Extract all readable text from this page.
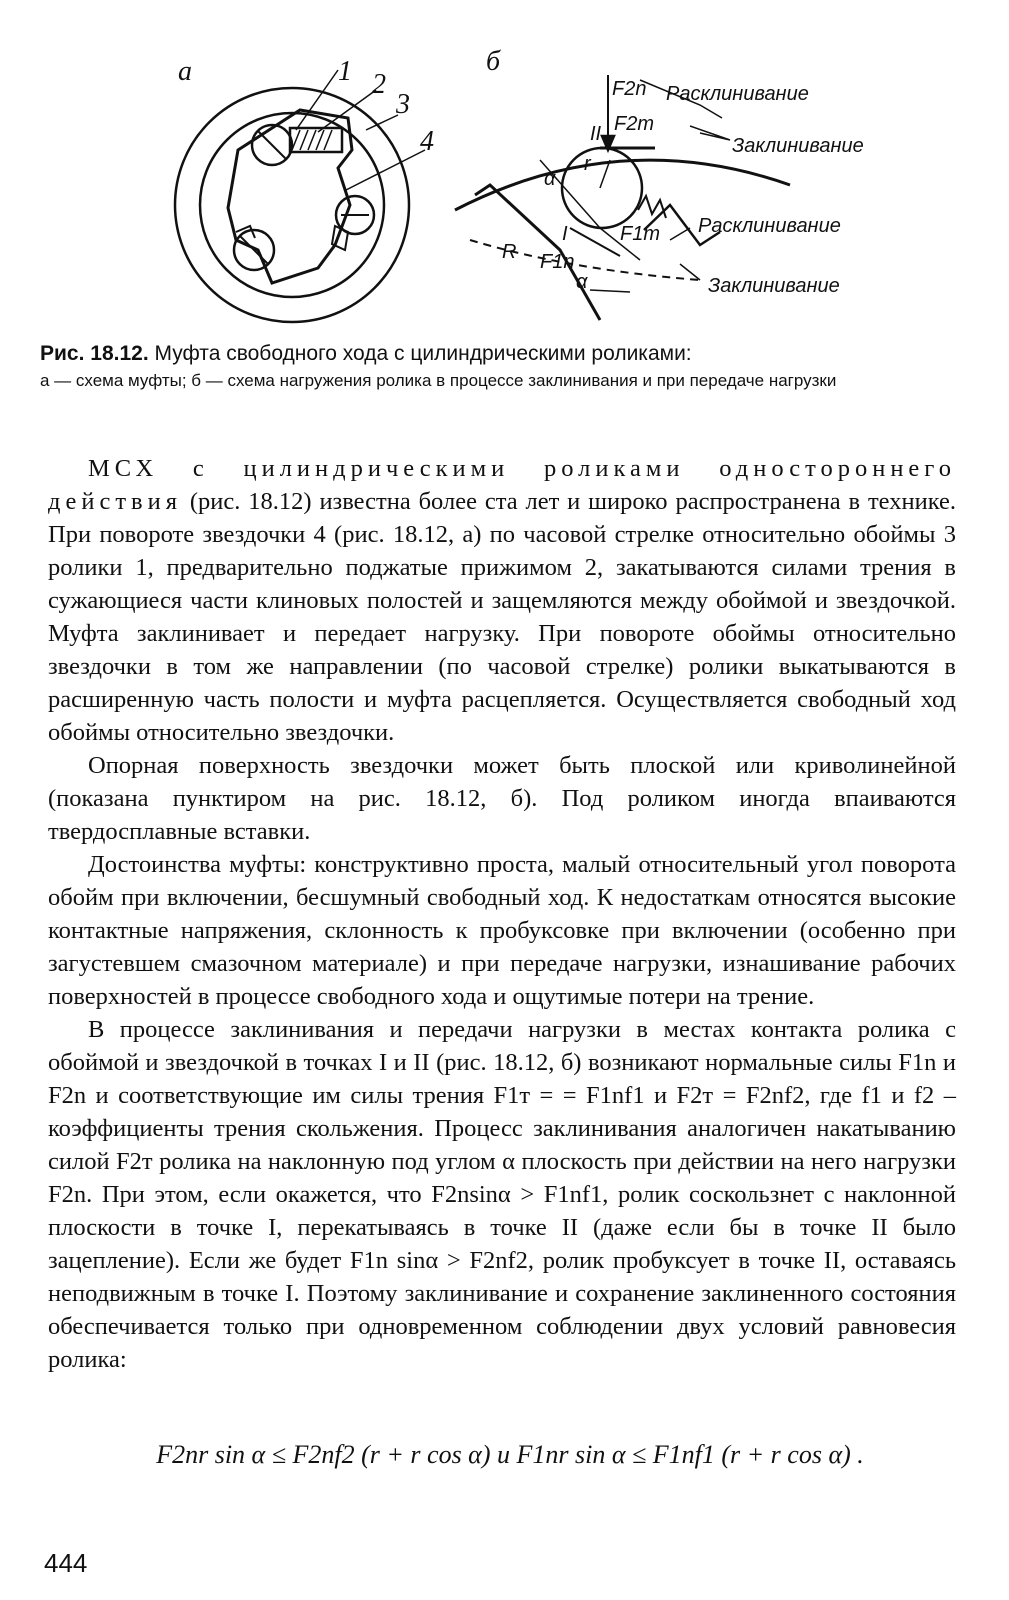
а	1 2
3
4
б
F2n
F2т
II
α
r
F1т
I
R F1n
α
Расклинивание
Заклинивание
Расклинивание
Заклинивание
Рис. 18.12. Муфта свободного хода с цилиндрическими роликами:
а — схема муфты; б — схема нагружения ролика в процессе заклинивания и при передаче нагрузки

МСХ с цилиндрическими роликами одностороннего действия (рис. 18.12) известна более ста лет и широко распространена в технике. При повороте звездочки 4 (рис. 18.12, а) по часовой стрелке относительно обоймы 3 ролики 1, предварительно поджатые прижимом 2, закатываются силами трения в сужающиеся части клиновых полостей и защемляются между обоймой и звездочкой. Муфта заклинивает и передает нагрузку. При повороте обоймы относительно звездочки в том же направлении (по часовой стрелке) ролики выкатываются в расширенную часть полости и муфта расцепляется. Осуществляется свободный ход обоймы относительно звездочки.

Опорная поверхность звездочки может быть плоской или криволинейной (показана пунктиром на рис. 18.12, б). Под роликом иногда впаиваются твердосплавные вставки.

Достоинства муфты: конструктивно проста, малый относительный угол поворота обойм при включении, бесшумный свободный ход. К недостаткам относятся высокие контактные напряжения, склонность к пробуксовке при включении (особенно при загустевшем смазочном материале) и при передаче нагрузки, изнашивание рабочих поверхностей в процессе свободного хода и ощутимые потери на трение.

В процессе заклинивания и передачи нагрузки в местах контакта ролика с обоймой и звездочкой в точках I и II (рис. 18.12, б) возникают нормальные силы F1n и F2n и соответствующие им силы трения F1т = = F1nf1 и F2т = F2nf2, где f1 и f2 – коэффициенты трения скольжения. Процесс заклинивания аналогичен накатыванию силой F2т ролика на наклонную под углом α плоскость при действии на него нагрузки F2n. При этом, если окажется, что F2nsinα > F1nf1, ролик соскользнет с наклонной плоскости в точке I, перекатываясь в точке II (даже если бы в точке II было зацепление). Если же будет F1n sinα > F2nf2, ролик пробуксует в точке II, оставаясь неподвижным в точке I. Поэтому заклинивание и сохранение заклиненного состояния обеспечивается только при одновременном соблюдении двух условий равновесия ролика:

F2nr sin α ≤ F2nf2 (r + r cos α) и F1nr sin α ≤ F1nf1 (r + r cos α) .
444
